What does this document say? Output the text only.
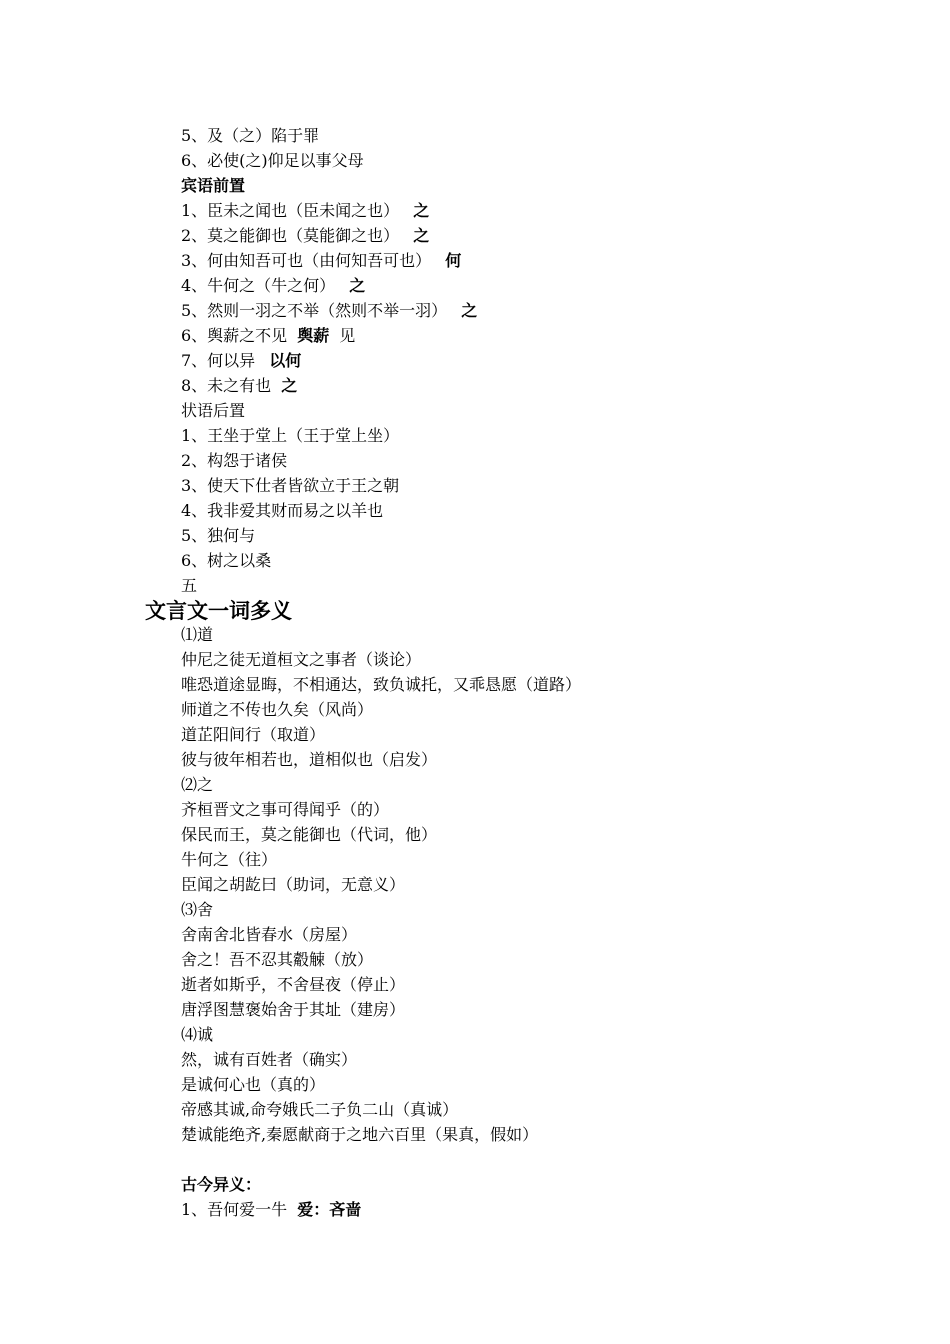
5、及（之）陷于罪
6、必使(之)仰足以事父母
宾语前置
1、臣未之闻也（臣未闻之也） 之
2、莫之能御也（莫能御之也） 之
3、何由知吾可也（由何知吾可也） 何
4、牛何之（牛之何） 之
5、然则一羽之不举（然则不举一羽） 之
6、舆薪之不见 舆薪 见
7、何以异 以何
8、未之有也 之
状语后置
1、王坐于堂上（王于堂上坐）
2、构怨于诸侯
3、使天下仕者皆欲立于王之朝
4、我非爱其财而易之以羊也
5、独何与
6、树之以桑
五
文言文一词多义
⑴道
仲尼之徒无道桓文之事者（谈论）
唯恐道途显晦，不相通达，致负诚托，又乖恳愿（道路）
师道之不传也久矣（风尚）
道芷阳间行（取道）
彼与彼年相若也，道相似也（启发）
⑵之
齐桓晋文之事可得闻乎（的）
保民而王，莫之能御也（代词，他）
牛何之（往）
臣闻之胡龁曰（助词，无意义）
⑶舍
舍南舍北皆春水（房屋）
舍之！吾不忍其觳觫（放）
逝者如斯乎，不舍昼夜（停止）
唐浮图慧褒始舍于其址（建房）
⑷诚
然，诚有百姓者（确实）
是诚何心也（真的）
帝感其诚,命夸娥氏二子负二山（真诚）
楚诚能绝齐,秦愿献商于之地六百里（果真，假如）
古今异义：
1、吾何爱一牛 爱：吝啬
